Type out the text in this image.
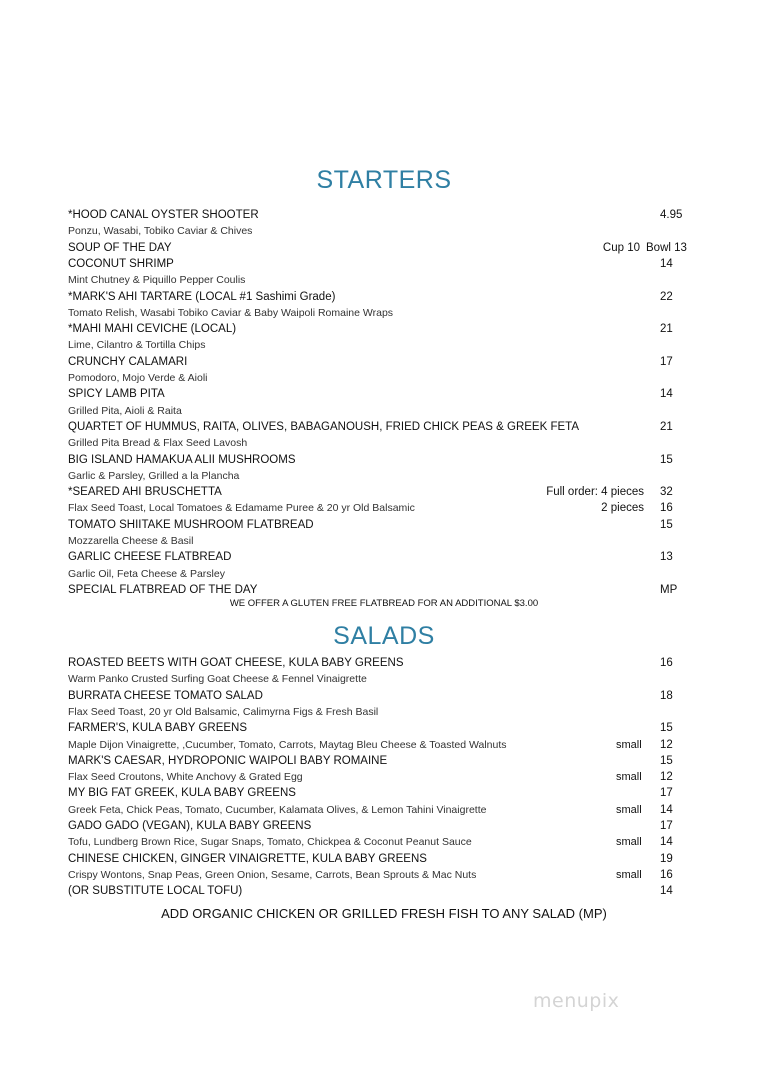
STARTERS
*HOOD CANAL OYSTER SHOOTER	4.95
Ponzu, Wasabi, Tobiko Caviar & Chives
SOUP OF THE DAY	Cup 10 Bowl 13
COCONUT SHRIMP	14
Mint Chutney & Piquillo Pepper Coulis
*MARK'S AHI TARTARE (LOCAL #1 Sashimi Grade)	22
Tomato Relish, Wasabi Tobiko Caviar & Baby Waipoli Romaine Wraps
*MAHI MAHI CEVICHE (LOCAL)	21
Lime, Cilantro & Tortilla Chips
CRUNCHY CALAMARI	17
Pomodoro, Mojo Verde & Aioli
SPICY LAMB PITA	14
Grilled Pita, Aioli & Raita
QUARTET OF HUMMUS, RAITA, OLIVES, BABAGANOUSH, FRIED CHICK PEAS & GREEK FETA	21
Grilled Pita Bread & Flax Seed Lavosh
BIG ISLAND HAMAKUA ALII MUSHROOMS	15
Garlic & Parsley, Grilled a la Plancha
*SEARED AHI BRUSCHETTA	Full order: 4 pieces 32
Flax Seed Toast, Local Tomatoes & Edamame Puree & 20 yr Old Balsamic	2 pieces 16
TOMATO SHIITAKE MUSHROOM FLATBREAD	15
Mozzarella Cheese & Basil
GARLIC CHEESE FLATBREAD	13
Garlic Oil, Feta Cheese & Parsley
SPECIAL FLATBREAD OF THE DAY	MP
WE OFFER A GLUTEN FREE FLATBREAD FOR AN ADDITIONAL $3.00
SALADS
ROASTED BEETS WITH GOAT CHEESE, KULA BABY GREENS	16
Warm Panko Crusted Surfing Goat Cheese & Fennel Vinaigrette
BURRATA CHEESE TOMATO SALAD	18
Flax Seed Toast, 20 yr Old Balsamic, Calimyrna Figs & Fresh Basil
FARMER'S, KULA BABY GREENS	15
Maple Dijon Vinaigrette, ,Cucumber, Tomato, Carrots, Maytag Bleu Cheese & Toasted Walnuts	small 12
MARK'S CAESAR, HYDROPONIC WAIPOLI BABY ROMAINE	15
Flax Seed Croutons, White Anchovy & Grated Egg	small 12
MY BIG FAT GREEK, KULA BABY GREENS	17
Greek Feta, Chick Peas, Tomato, Cucumber, Kalamata Olives, & Lemon Tahini Vinaigrette	small 14
GADO GADO (VEGAN), KULA BABY GREENS	17
Tofu, Lundberg Brown Rice, Sugar Snaps, Tomato, Chickpea & Coconut Peanut Sauce	small 14
CHINESE CHICKEN, GINGER VINAIGRETTE, KULA BABY GREENS	19
Crispy Wontons, Snap Peas, Green Onion, Sesame, Carrots, Bean Sprouts & Mac Nuts	small 16
(OR SUBSTITUTE LOCAL TOFU)	14
ADD ORGANIC CHICKEN OR GRILLED FRESH FISH TO ANY SALAD (MP)
menupix
